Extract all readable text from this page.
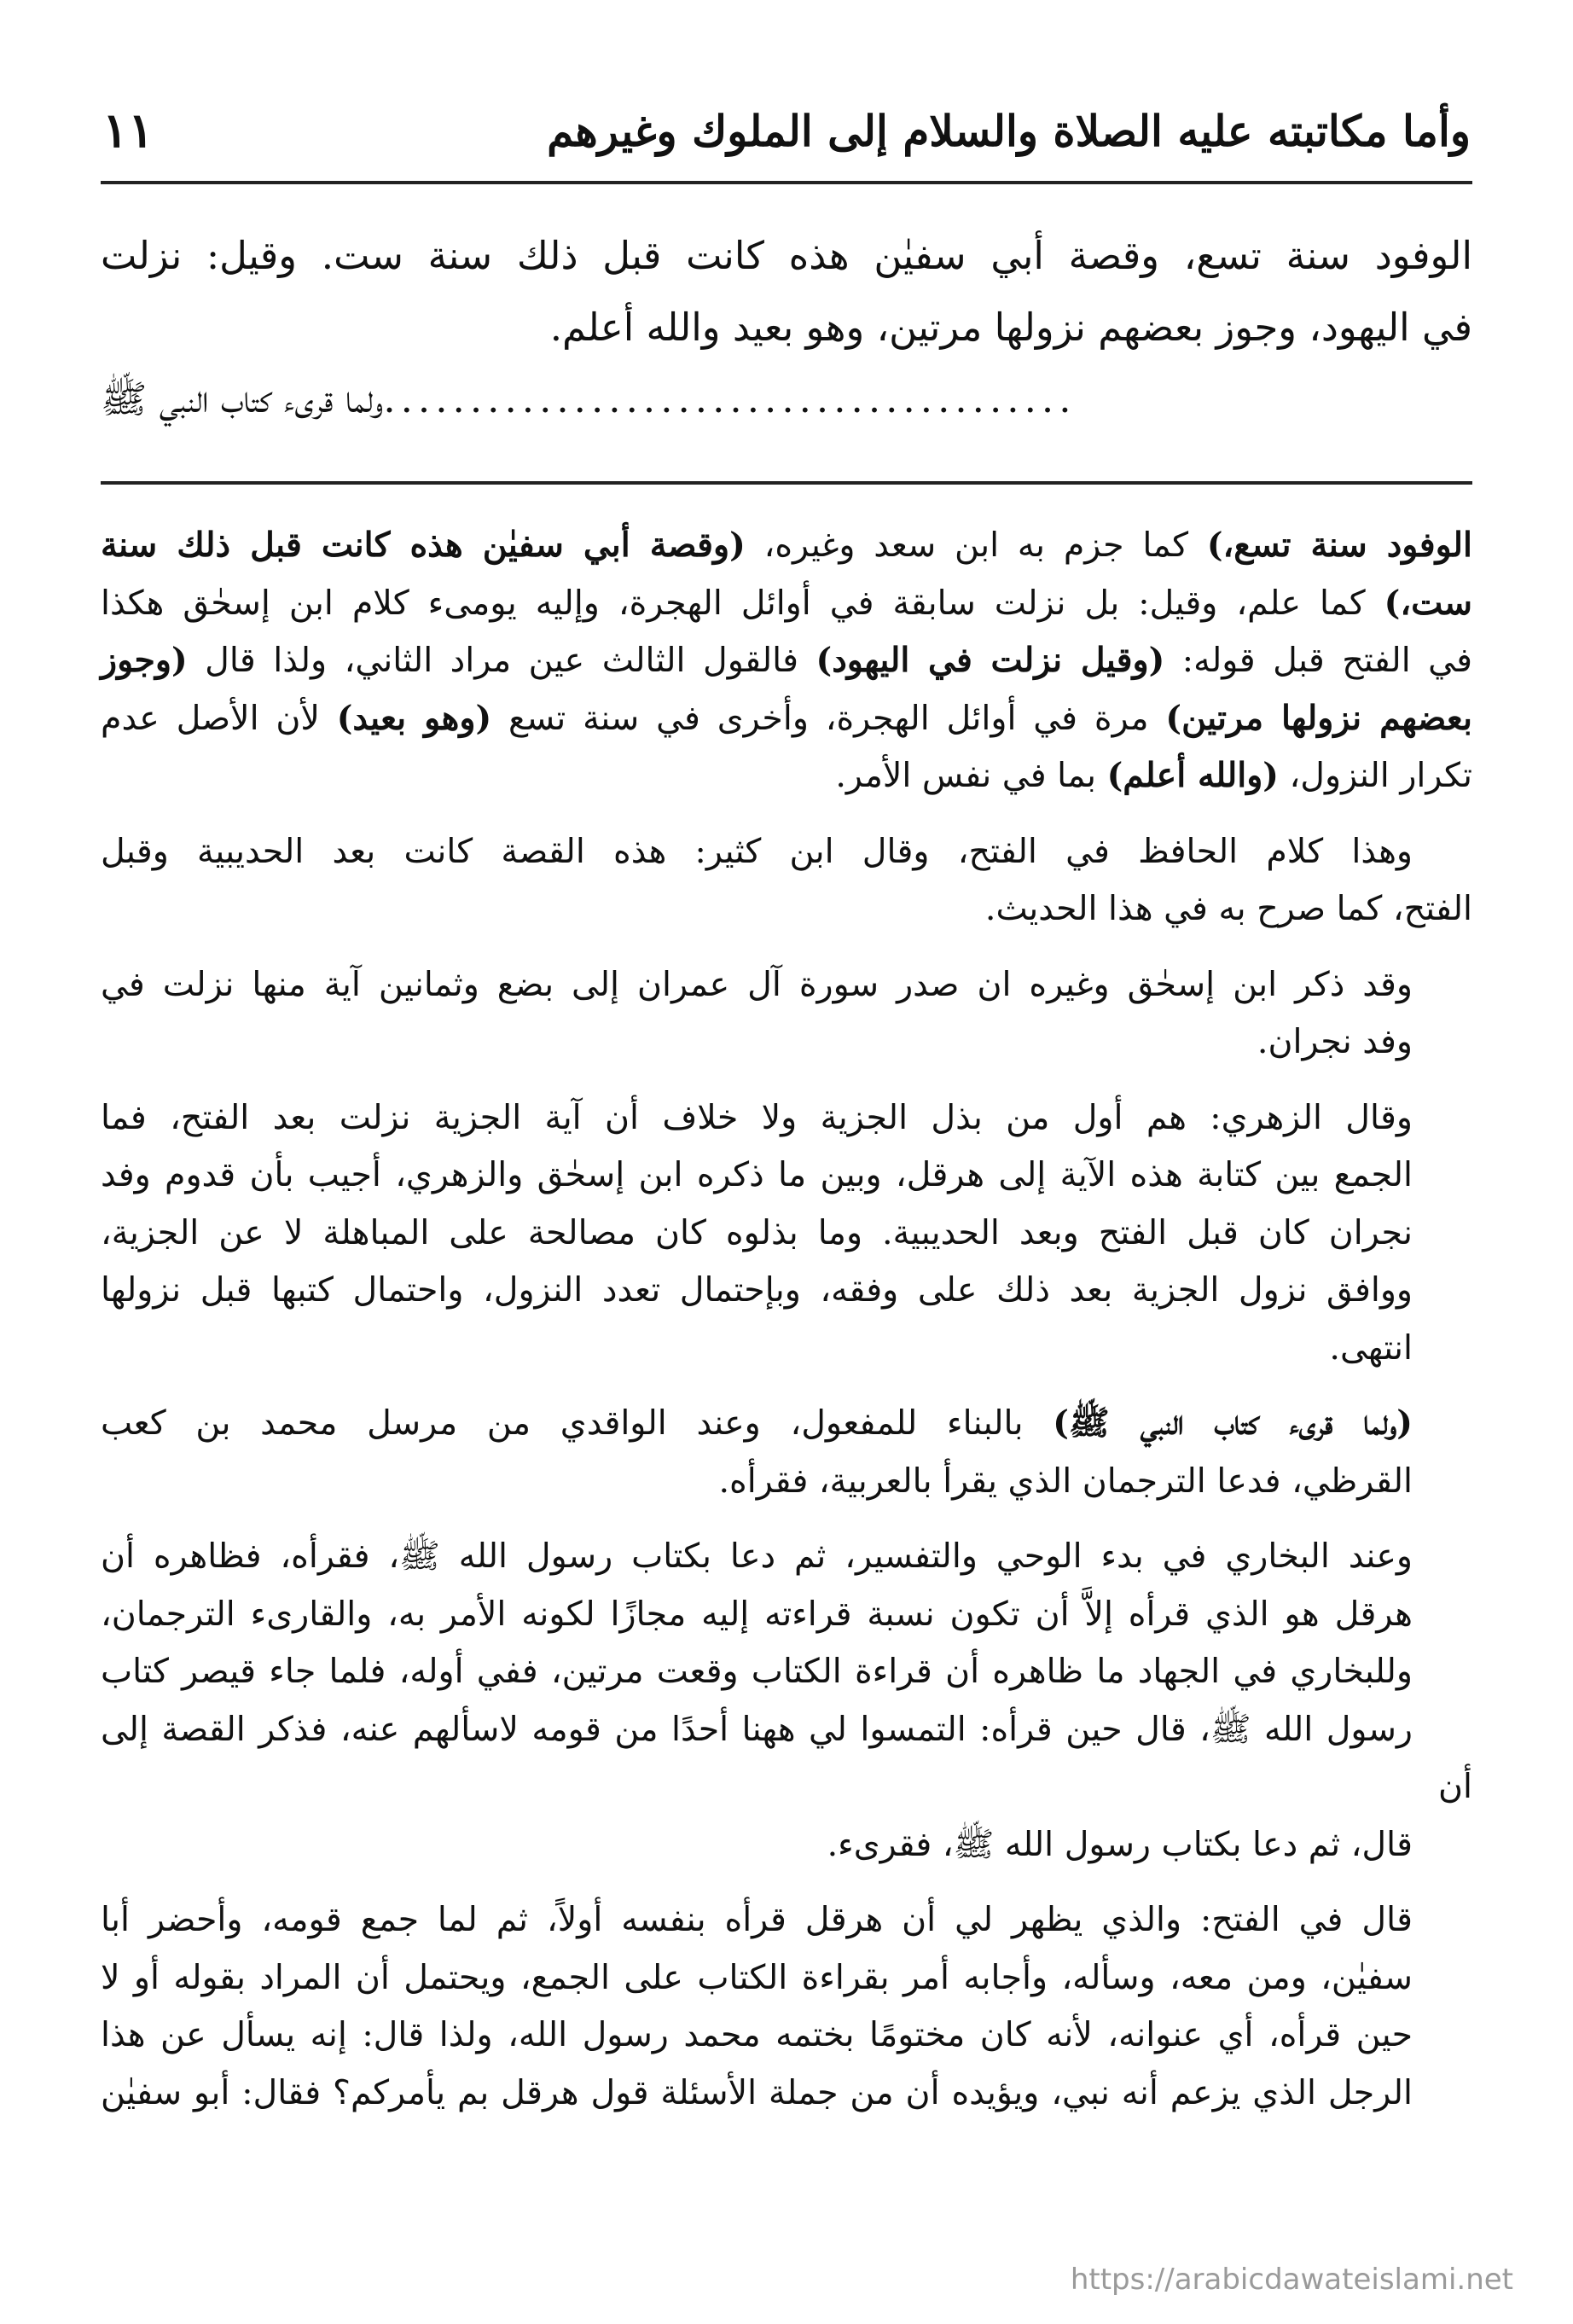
وأما مكاتبته عليه الصلاة والسلام إلى الملوك وغيرهم
١١

الوفود سنة تسع، وقصة أبي سفيٰن هذه كانت قبل ذلك سنة ست. وقيل: نزلت

في اليهود، وجوز بعضهم نزولها مرتين، وهو بعيد والله أعلم.

ولما قرىء كتاب النبي ﷺ ........................................

الوفود سنة تسع،) كما جزم به ابن سعد وغيره، (وقصة أبي سفيٰن هذه كانت قبل ذلك سنة
ست،) كما علم، وقيل: بل نزلت سابقة في أوائل الهجرة، وإليه يومىء كلام ابن إسحٰق هكذا
في الفتح قبل قوله: (وقيل نزلت في اليهود) فالقول الثالث عين مراد الثاني، ولذا قال (وجوز
بعضهم نزولها مرتين) مرة في أوائل الهجرة، وأخرى في سنة تسع (وهو بعيد) لأن الأصل عدم
تكرار النزول، (والله أعلم) بما في نفس الأمر.

وهذا كلام الحافظ في الفتح، وقال ابن كثير: هذه القصة كانت بعد الحديبية وقبل
الفتح، كما صرح به في هذا الحديث.

وقد ذكر ابن إسحٰق وغيره ان صدر سورة آل عمران إلى بضع وثمانين آية منها نزلت في
وفد نجران.

وقال الزهري: هم أول من بذل الجزية ولا خلاف أن آية الجزية نزلت بعد الفتح، فما
الجمع بين كتابة هذه الآية إلى هرقل، وبين ما ذكره ابن إسحٰق والزهري، أجيب بأن قدوم وفد
نجران كان قبل الفتح وبعد الحديبية. وما بذلوه كان مصالحة على المباهلة لا عن الجزية،
ووافق نزول الجزية بعد ذلك على وفقه، وبإحتمال تعدد النزول، واحتمال كتبها قبل نزولها
انتهى.

(ولما قرىء كتاب النبي ﷺ) بالبناء للمفعول، وعند الواقدي من مرسل محمد بن كعب
القرظي، فدعا الترجمان الذي يقرأ بالعربية، فقرأه.

وعند البخاري في بدء الوحي والتفسير، ثم دعا بكتاب رسول الله ﷺ، فقرأه، فظاهره أن
هرقل هو الذي قرأه إلاَّ أن تكون نسبة قراءته إليه مجازًا لكونه الأمر به، والقارىء الترجمان،
وللبخاري في الجهاد ما ظاهره أن قراءة الكتاب وقعت مرتين، ففي أوله، فلما جاء قيصر كتاب
رسول الله ﷺ، قال حين قرأه: التمسوا لي ههنا أحدًا من قومه لاسألهم عنه، فذكر القصة إلى أن
قال، ثم دعا بكتاب رسول الله ﷺ، فقرىء.

قال في الفتح: والذي يظهر لي أن هرقل قرأه بنفسه أولاً، ثم لما جمع قومه، وأحضر أبا
سفيٰن، ومن معه، وسأله، وأجابه أمر بقراءة الكتاب على الجمع، ويحتمل أن المراد بقوله أو لا
حين قرأه، أي عنوانه، لأنه كان مختومًا بختمه محمد رسول الله، ولذا قال: إنه يسأل عن هذا
الرجل الذي يزعم أنه نبي، ويؤيده أن من جملة الأسئلة قول هرقل بم يأمركم؟ فقال: أبو سفيٰن

https://arabicdawateislami.net
